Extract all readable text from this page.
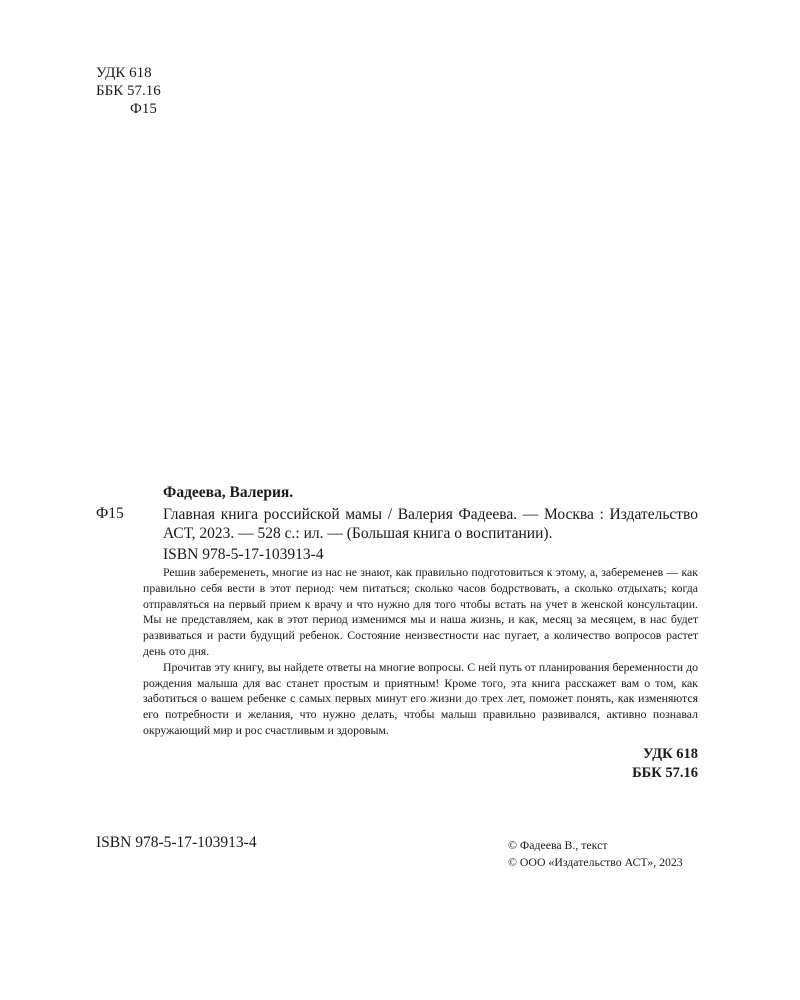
УДК 618
ББК 57.16
Ф15
Фадеева, Валерия.
Ф15	Главная книга российской мамы / Валерия Фадеева. — Москва : Издательство АСТ, 2023. — 528 с.: ил. — (Большая книга о воспитании).
ISBN 978-5-17-103913-4

Решив забеременеть, многие из нас не знают, как правильно подготовиться к этому, а, забеременев — как правильно себя вести в этот период: чем питаться; сколько часов бодрствовать, а сколько отдыхать; когда отправляться на первый прием к врачу и что нужно для того чтобы встать на учет в женской консультации. Мы не представляем, как в этот период изменимся мы и наша жизнь, и как, месяц за месяцем, в нас будет развиваться и расти будущий ребенок. Состояние неизвестности нас пугает, а количество вопросов растет день ото дня.

Прочитав эту книгу, вы найдете ответы на многие вопросы. С ней путь от планирования беременности до рождения малыша для вас станет простым и приятным! Кроме того, эта книга расскажет вам о том, как заботиться о вашем ребенке с самых первых минут его жизни до трех лет, поможет понять, как изменяются его потребности и желания, что нужно делать, чтобы малыш правильно развивался, активно познавал окружающий мир и рос счастливым и здоровым.

УДК 618
ББК 57.16
ISBN 978-5-17-103913-4	© Фадеева В., текст
© ООО «Издательство АСТ», 2023
